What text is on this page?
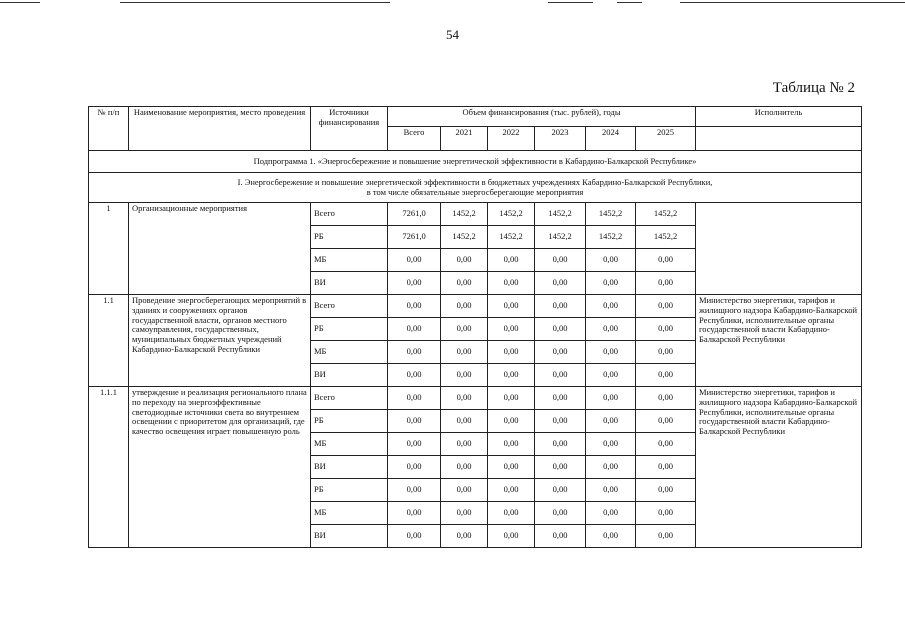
54
Таблица № 2
№ п/п	Наименование мероприятия, место проведения	Источники финансирования	Объем финансирования (тыс. рублей), годы						Исполнитель
			Всего	2021	2022	2023	2024	2025	
Подпрограмма 1. «Энергосбережение и повышение энергетической эффективности в Кабардино-Балкарской Республике»									

I. Энергосбережение и повышение энергетической эффективности в бюджетных учреждениях Кабардино-Балкарской Республики,
в том числе обязательные энергосберегающие мероприятия									

1	Организационные мероприятия	Всего	7261,0	1452,2	1452,2	1452,2	1452,2	1452,2	
		РБ	7261,0	1452,2	1452,2	1452,2	1452,2	1452,2	
		МБ	0,00	0,00	0,00	0,00	0,00	0,00	
		ВИ	0,00	0,00	0,00	0,00	0,00	0,00	
1.1	Проведение энергосберегающих мероприятий в зданиях и сооружениях органов государственной власти, органов местного самоуправления, государственных, муниципальных бюджетных учреждений Кабардино-Балкарской Республики	Всего	0,00	0,00	0,00	0,00	0,00	0,00	Министерство энергетики, тарифов и жилищного надзора Кабардино-Балкарской Республики, исполнительные органы государственной власти Кабардино-Балкарской Республики
		РБ	0,00	0,00	0,00	0,00	0,00	0,00	
		МБ	0,00	0,00	0,00	0,00	0,00	0,00	
		ВИ	0,00	0,00	0,00	0,00	0,00	0,00	
1.1.1	утверждение и реализация регионального плана по переходу на энергоэффективные светодиодные источники света во внутреннем освещении с приоритетом для организаций, где качество освещения играет повышенную роль	Всего	0,00	0,00	0,00	0,00	0,00	0,00	Министерство энергетики, тарифов и жилищного надзора Кабардино-Балкарской Республики, исполнительные органы государственной власти Кабардино-Балкарской Республики
		РБ	0,00	0,00	0,00	0,00	0,00	0,00	
		МБ	0,00	0,00	0,00	0,00	0,00	0,00	
		ВИ	0,00	0,00	0,00	0,00	0,00	0,00	
		РБ	0,00	0,00	0,00	0,00	0,00	0,00	
		МБ	0,00	0,00	0,00	0,00	0,00	0,00	
		ВИ	0,00	0,00	0,00	0,00	0,00	0,00	
